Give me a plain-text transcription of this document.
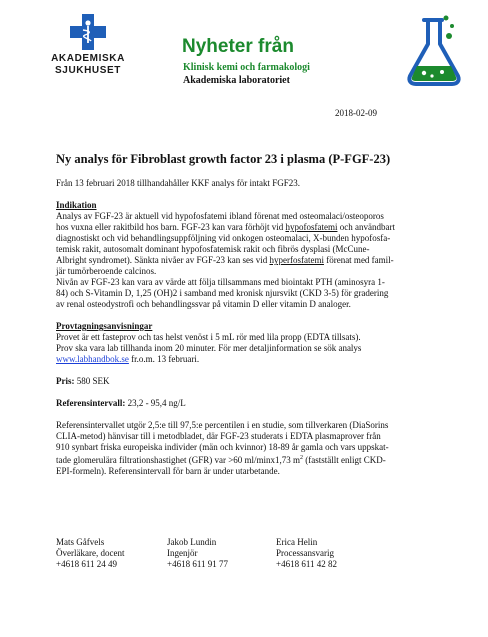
AKADEMISKA
SJUKHUSET
Nyheter från
Klinisk kemi och farmakologi
Akademiska laboratoriet
2018-02-09
Ny analys för Fibroblast growth factor 23 i plasma (P-FGF-23)

Från 13 februari 2018 tillhandahåller KKF analys för intakt FGF23.

Indikation

Analys av FGF-23 är aktuell vid hypofosfatemi ibland förenat med osteomalaci/osteoporos

hos vuxna eller rakitbild hos barn. FGF-23 kan vara förhöjt vid hypofosfatemi och användbart

diagnostiskt och vid behandlingsuppföljning vid onkogen osteomalaci, X-bunden hypofosfa-

temisk rakit, autosomalt dominant hypofosfatemisk rakit och fibrös dysplasi (McCune-

Albright syndromet). Sänkta nivåer av FGF-23 kan ses vid hyperfosfatemi förenat med famil-

jär tumörberoende calcinos.

Nivån av FGF-23 kan vara av värde att följa tillsammans med biointakt PTH (aminosyra 1-

84) och S-Vitamin D, 1,25 (OH)2 i samband med kronisk njursvikt (CKD 3-5) för gradering

av renal osteodystrofi och behandlingssvar på vitamin D eller vitamin D analoger.

Provtagningsanvisningar

Provet är ett fasteprov och tas helst venöst i 5 mL rör med lila propp (EDTA tillsats).

Prov ska vara lab tillhanda inom 20 minuter. För mer detaljinformation se sök analys

www.labhandbok.se fr.o.m. 13 februari.

Pris: 580 SEK

Referensintervall: 23,2 - 95,4 ng/L

Referensintervallet utgör 2,5:e till 97,5:e percentilen i en studie, som tillverkaren (DiaSorins

CLIA-metod) hänvisar till i metodbladet, där FGF-23 studerats i EDTA plasmaprover från

910 synbart friska europeiska individer (män och kvinnor) 18-89 år gamla och vars uppskat-

tade glomerulära filtrationshastighet (GFR) var >60 ml/minx1,73 $m^2$ (fastställt enligt CKD-

EPI-formeln). Referensintervall för barn är under utarbetande.

Mats Gåfvels
Överläkare, docent
+4618 611 24 49
Jakob Lundin
Ingenjör
+4618 611 91 77
Erica Helin
Processansvarig
+4618 611 42 82
